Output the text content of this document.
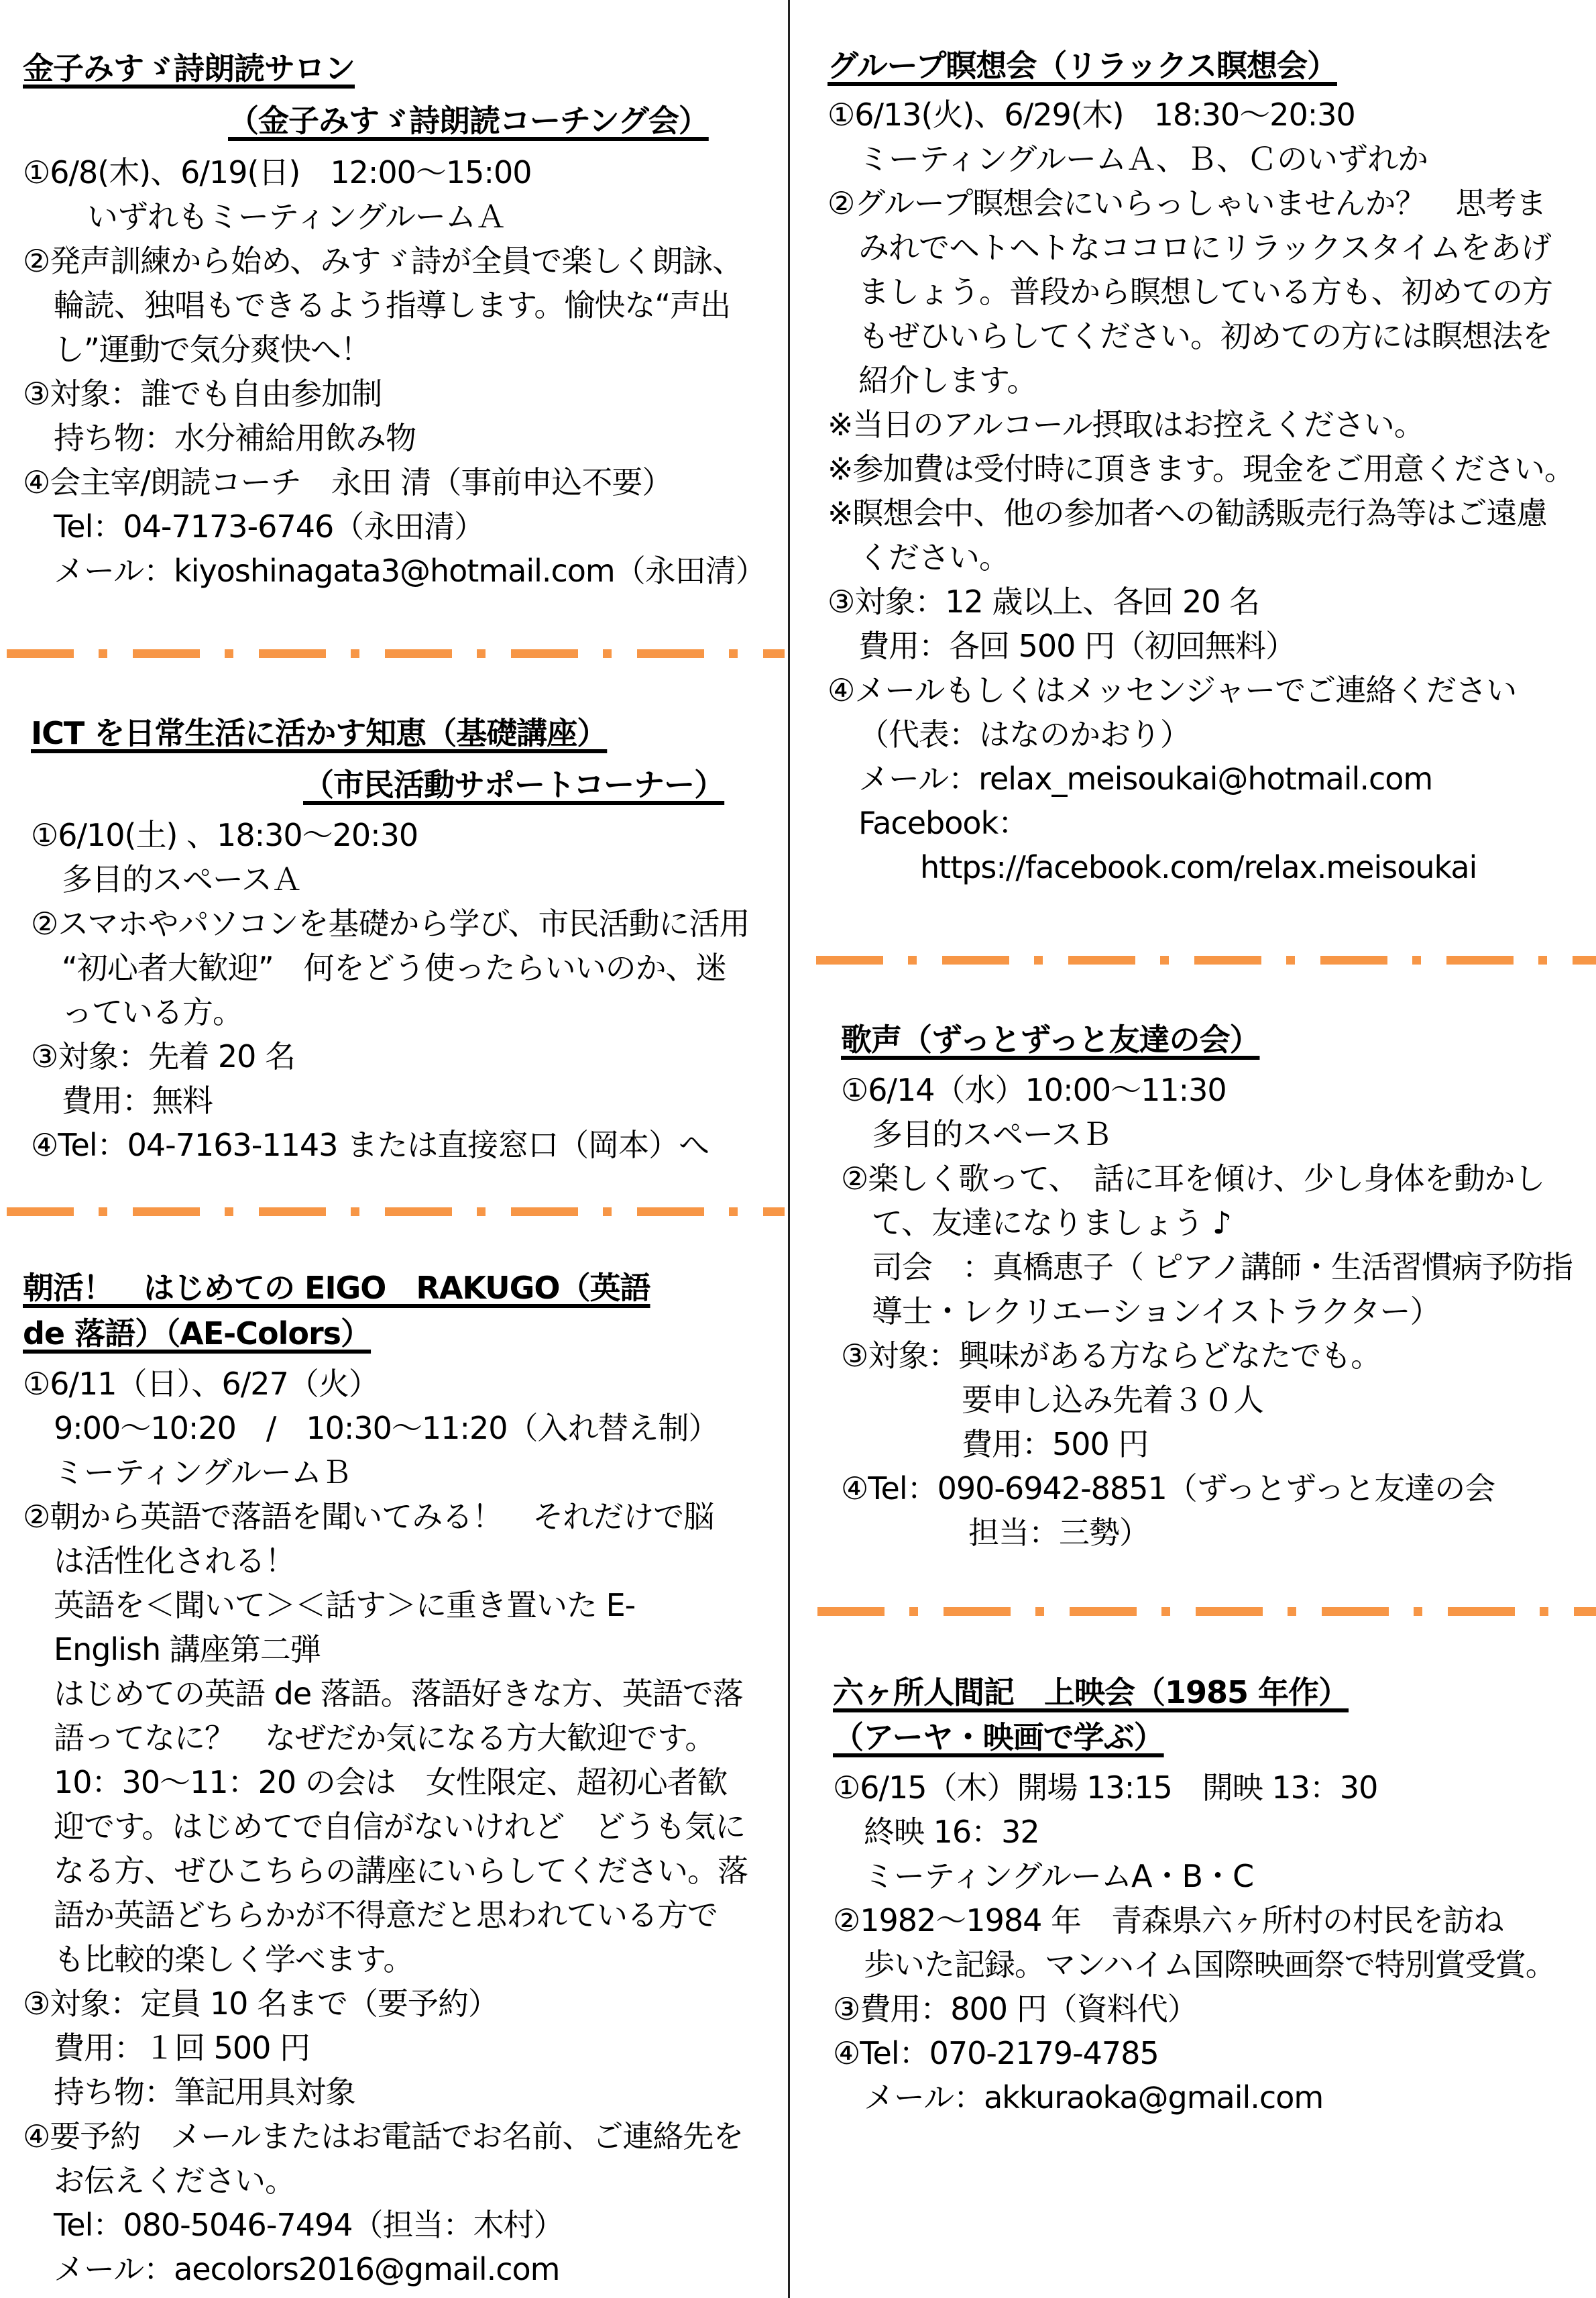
金子みすゞ詩朗読サロン
（金子みすゞ詩朗読コーチング会）
①6/8(木)、6/19(日)　12:00～15:00
いずれもミーティングルームＡ
②発声訓練から始め、みすゞ詩が全員で楽しく朗詠、
輪読、独唱もできるよう指導します。愉快な“声出
し”運動で気分爽快へ！
③対象：誰でも自由参加制
持ち物：水分補給用飲み物
④会主宰/朗読コーチ　永田 清（事前申込不要）
Tel：04-7173-6746（永田清）
メール：kiyoshinagata3@hotmail.com（永田清）
ICT を日常生活に活かす知恵（基礎講座）
（市民活動サポートコーナー）
①6/10(土) 、18:30～20:30
多目的スペースＡ
②スマホやパソコンを基礎から学び、市民活動に活用
“初心者大歓迎”　何をどう使ったらいいのか、迷
っている方。
③対象：先着 20 名
費用：無料
④Tel：04-7163-1143 または直接窓口（岡本）へ
朝活！　はじめての EIGO　RAKUGO（英語
de 落語）（AE-Colors）
①6/11（日）、6/27（火）
9:00～10:20　/　10:30～11:20（入れ替え制）
ミーティングルームＢ
②朝から英語で落語を聞いてみる！　それだけで脳
は活性化される！
英語を＜聞いて＞＜話す＞に重き置いた E-
English 講座第二弾
はじめての英語 de 落語。落語好きな方、英語で落
語ってなに？　なぜだか気になる方大歓迎です。
10：30～11：20 の会は　女性限定、超初心者歓
迎です。はじめてで自信がないけれど　どうも気に
なる方、ぜひこちらの講座にいらしてください。落
語か英語どちらかが不得意だと思われている方で
も比較的楽しく学べます。
③対象：定員 10 名まで（要予約）
費用：１回 500 円
持ち物：筆記用具対象
④要予約　メールまたはお電話でお名前、ご連絡先を
お伝えください。
Tel：080-5046-7494（担当：木村）
メール：aecolors2016@gmail.com
グループ瞑想会（リラックス瞑想会）
①6/13(火)、6/29(木)　18:30～20:30
ミーティングルームＡ、Ｂ、Ｃのいずれか
②グループ瞑想会にいらっしゃいませんか？　思考ま
みれでヘトヘトなココロにリラックスタイムをあげ
ましょう。普段から瞑想している方も、初めての方
もぜひいらしてください。初めての方には瞑想法を
紹介します。
※当日のアルコール摂取はお控えください。
※参加費は受付時に頂きます。現金をご用意ください。
※瞑想会中、他の参加者への勧誘販売行為等はご遠慮
ください。
③対象：12 歳以上、各回 20 名
費用：各回 500 円（初回無料）
④メールもしくはメッセンジャーでご連絡ください
（代表：はなのかおり）
メール：relax_meisoukai@hotmail.com
Facebook：
https://facebook.com/relax.meisoukai
歌声（ずっとずっと友達の会）
①6/14（水）10:00～11:30
多目的スペースＢ
②楽しく歌って、　話に耳を傾け、少し身体を動かし
て、友達になりましょう ♪
司会　：真橋恵子（ ピアノ講師・生活習慣病予防指
導士・レクリエーションイストラクター）
③対象：興味がある方ならどなたでも。
要申し込み先着３０人
費用：500 円
④Tel：090-6942-8851（ずっとずっと友達の会
担当：三勢）
六ヶ所人間記　上映会（1985 年作）
（アーヤ・映画で学ぶ）
①6/15（木）開場 13:15　開映 13：30
終映 16：32
ミーティングルームA・B・C
②1982～1984 年　青森県六ヶ所村の村民を訪ね
歩いた記録。マンハイム国際映画祭で特別賞受賞。
③費用：800 円（資料代）
④Tel：070-2179-4785
メール：akkuraoka@gmail.com
